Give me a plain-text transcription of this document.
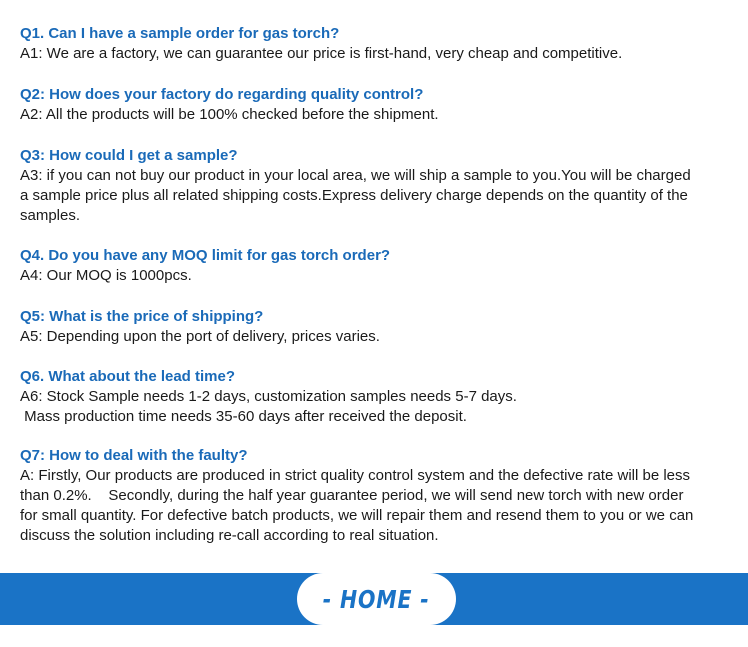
Q1. Can I have a sample order for gas torch?
A1: We are a factory, we can guarantee our price is first-hand, very cheap and competitive.
Q2: How does your factory do regarding quality control?
A2: All the products will be 100% checked before the shipment.
Q3: How could I get a sample?
A3: if you can not buy our product in your local area, we will ship a sample to you.You will be charged
a sample price plus all related shipping costs.Express delivery charge depends on the quantity of the
samples.
Q4. Do you have any MOQ limit for gas torch order?
A4: Our MOQ is 1000pcs.
Q5: What is the price of shipping?
A5: Depending upon the port of delivery, prices varies.
Q6. What about the lead time?
A6: Stock Sample needs 1-2 days, customization samples needs 5-7 days.
Mass production time needs 35-60 days after received the deposit.
Q7: How to deal with the faulty?
A: Firstly, Our products are produced in strict quality control system and the defective rate will be less
than 0.2%.    Secondly, during the half year guarantee period, we will send new torch with new order
for small quantity. For defective batch products, we will repair them and resend them to you or we can
discuss the solution including re-call according to real situation.
- HOME -
